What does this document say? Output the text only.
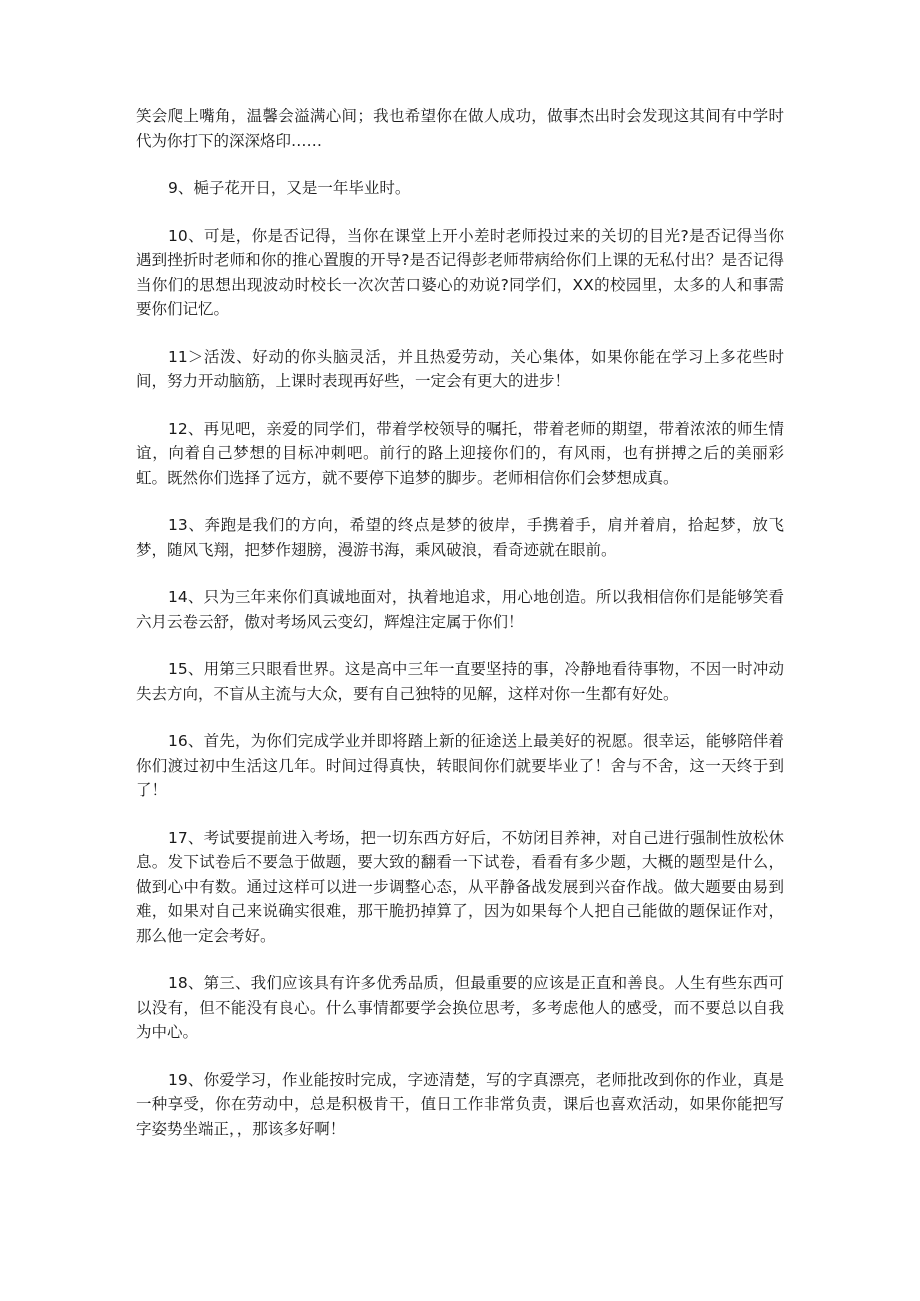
笑会爬上嘴角，温馨会溢满心间；我也希望你在做人成功，做事杰出时会发现这其间有中学时代为你打下的深深烙印……

9、梔子花开日，又是一年毕业时。

10、可是，你是否记得，当你在课堂上开小差时老师投过来的关切的目光?是否记得当你遇到挫折时老师和你的推心置腹的开导?是否记得彭老师带病给你们上课的无私付出？是否记得当你们的思想出现波动时校长一次次苦口婆心的劝说?同学们，XX的校园里，太多的人和事需要你们记忆。

11＞活泼、好动的你头脑灵活，并且热爱劳动，关心集体，如果你能在学习上多花些时间，努力开动脑筋，上课时表现再好些，一定会有更大的进步！

12、再见吧，亲爱的同学们，带着学校领导的嘱托，带着老师的期望，带着浓浓的师生情谊，向着自己梦想的目标冲刺吧。前行的路上迎接你们的，有风雨，也有拼搏之后的美丽彩虹。既然你们选择了远方，就不要停下追梦的脚步。老师相信你们会梦想成真。

13、奔跑是我们的方向，希望的终点是梦的彼岸，手携着手，肩并着肩，拾起梦，放飞梦，随风飞翔，把梦作翅膀，漫游书海，乘风破浪，看奇迹就在眼前。

14、只为三年来你们真诚地面对，执着地追求，用心地创造。所以我相信你们是能够笑看六月云卷云舒，傲对考场风云变幻，辉煌注定属于你们！

15、用第三只眼看世界。这是高中三年一直要坚持的事，冷静地看待事物，不因一时冲动失去方向，不盲从主流与大众，要有自己独特的见解，这样对你一生都有好处。

16、首先，为你们完成学业并即将踏上新的征途送上最美好的祝愿。很幸运，能够陪伴着你们渡过初中生活这几年。时间过得真快，转眼间你们就要毕业了！舍与不舍，这一天终于到了！

17、考试要提前进入考场，把一切东西方好后，不妨闭目养神，对自己进行强制性放松休息。发下试卷后不要急于做题，要大致的翻看一下试卷，看看有多少题，大概的题型是什么，做到心中有数。通过这样可以进一步调整心态，从平静备战发展到兴奋作战。做大题要由易到难，如果对自己来说确实很难，那干脆扔掉算了，因为如果每个人把自己能做的题保证作对，那么他一定会考好。

18、第三、我们应该具有许多优秀品质，但最重要的应该是正直和善良。人生有些东西可以没有，但不能没有良心。什么事情都要学会换位思考，多考虑他人的感受，而不要总以自我为中心。

19、你爱学习，作业能按时完成，字迹清楚，写的字真漂亮，老师批改到你的作业，真是一种享受，你在劳动中，总是积极肯干，值日工作非常负责，课后也喜欢活动，如果你能把写字姿势坐端正，，那该多好啊！
